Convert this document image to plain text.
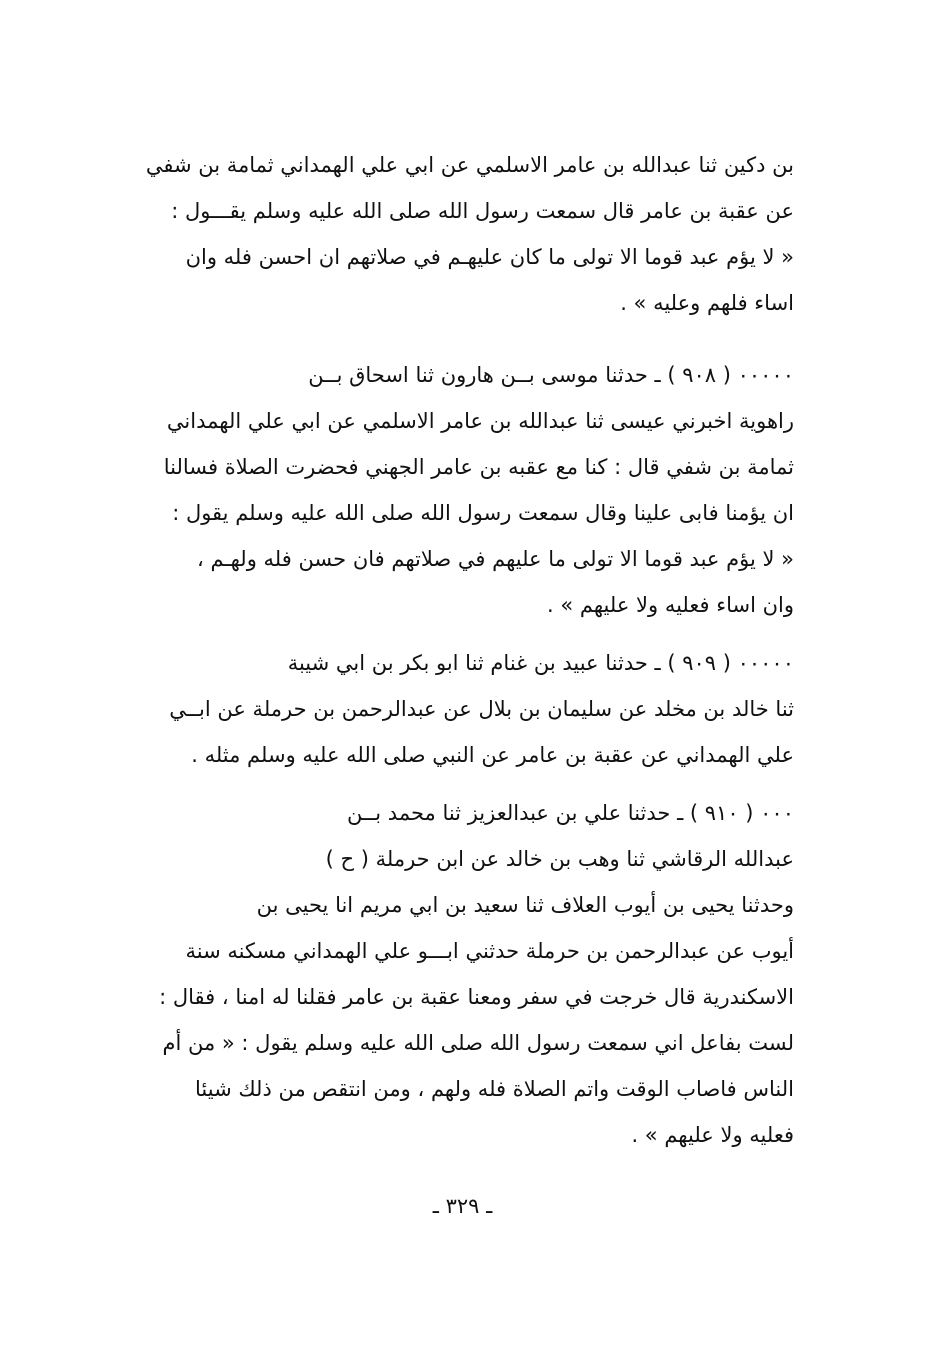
بن دكين ثنا عبدالله بن عامر الاسلمي عن ابي علي الهمداني ثمامة بن شفي
عن عقبة بن عامر قال سمعت رسول الله صلى الله عليه وسلم يقـــول :
« لا يؤم عبد قوما الا تولى ما كان عليهـم في صلاتهم ان احسن فله وان
اساء فلهم وعليه » .
٠٠٠٠٠ ( ٩٠٨ ) ـ حدثنا موسى بــن هارون ثنا اسحاق بــن
راهوية اخبرني عيسى ثنا عبدالله بن عامر الاسلمي عن ابي علي الهمداني
ثمامة بن شفي قال : كنا مع عقبه بن عامر الجهني فحضرت الصلاة فسالنا
ان يؤمنا فابى علينا وقال سمعت رسول الله صلى الله عليه وسلم يقول :
« لا يؤم عبد قوما الا تولى ما عليهم في صلاتهم فان حسن فله ولهـم ،
وان اساء فعليه ولا عليهم » .
٠٠٠٠٠ ( ٩٠٩ ) ـ حدثنا عبيد بن غنام ثنا ابو بكر بن ابي شيبة
ثنا خالد بن مخلد عن سليمان بن بلال عن عبدالرحمن بن حرملة عن ابــي
علي الهمداني عن عقبة بن عامر عن النبي صلى الله عليه وسلم مثله .
٠٠٠ ( ٩١٠ ) ـ حدثنا علي بن عبدالعزيز ثنا محمد بــن
عبدالله الرقاشي ثنا وهب بن خالد عن ابن حرملة ( ح )
وحدثنا يحيى بن أيوب العلاف ثنا سعيد بن ابي مريم انا يحيى بن
أيوب عن عبدالرحمن بن حرملة حدثني ابـــو علي الهمداني مسكنه سنة
الاسكندرية قال خرجت في سفر ومعنا عقبة بن عامر فقلنا له امنا ، فقال :
لست بفاعل اني سمعت رسول الله صلى الله عليه وسلم يقول : « من أم
الناس فاصاب الوقت واتم الصلاة فله ولهم ، ومن انتقص من ذلك شيئا
فعليه ولا عليهم » .
ـ ٣٢٩ ـ
